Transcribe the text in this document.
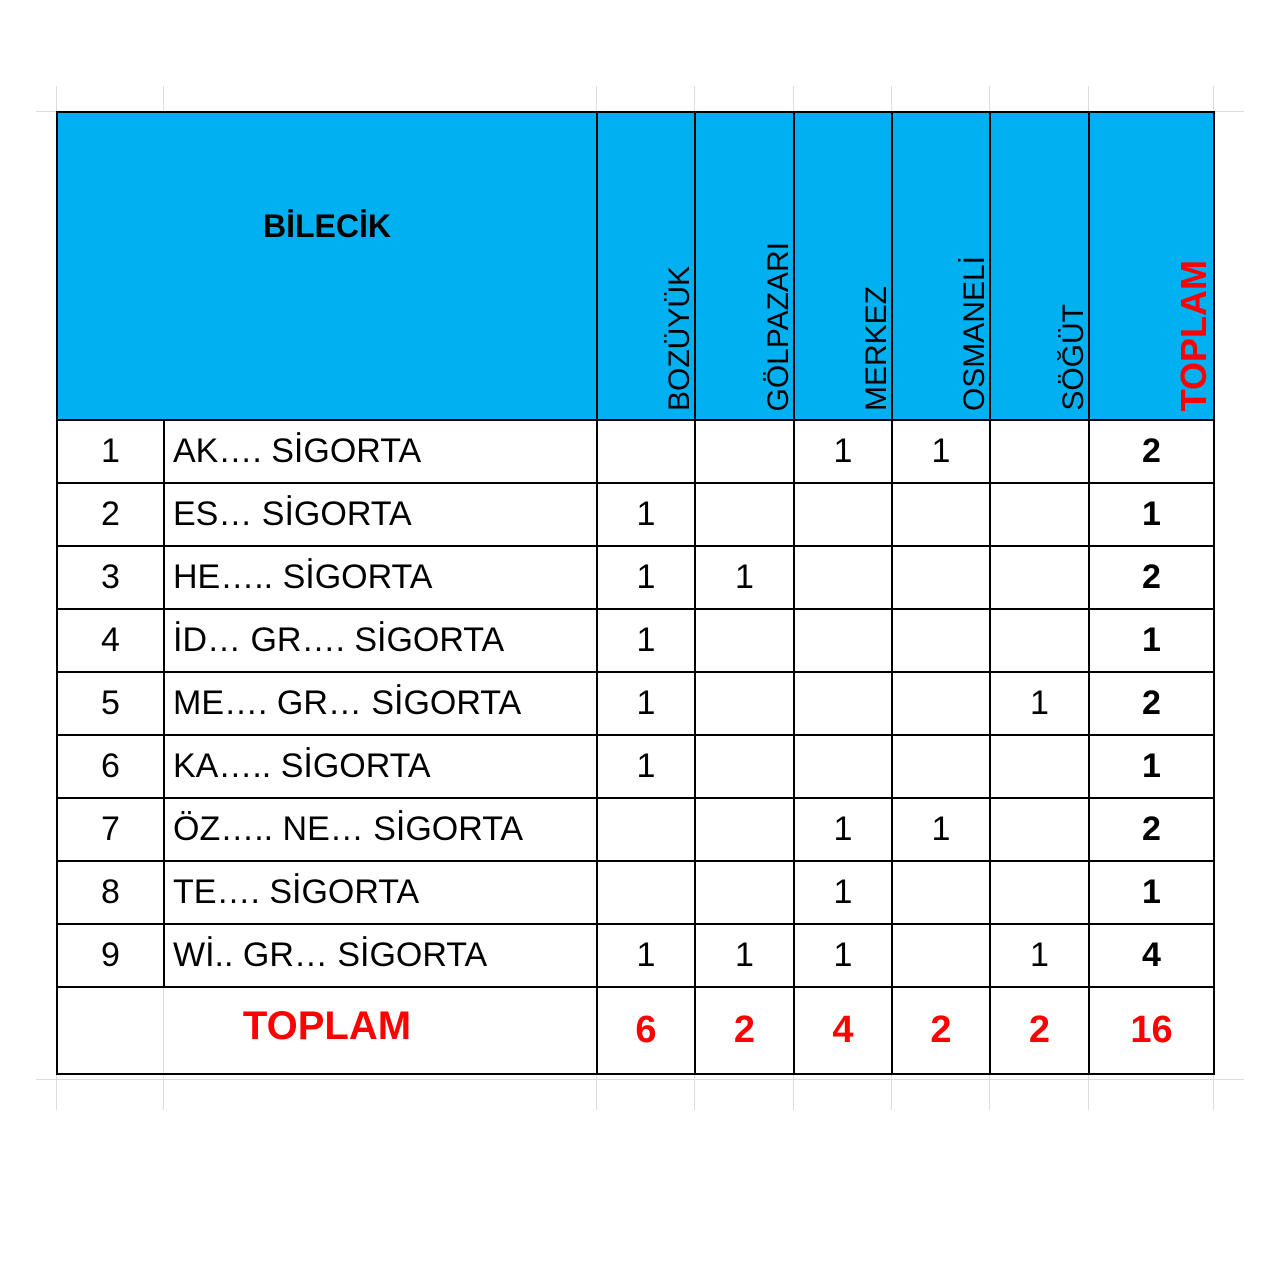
BİLECİK		BOZÜYÜK	GÖLPAZARI	MERKEZ	OSMANELİ	SÖĞÜT	TOPLAM

1	AK…. SİGORTA			1	1		2
2	ES… SİGORTA	1					1
3	HE….. SİGORTA	1	1				2
4	İD… GR…. SİGORTA	1					1
5	ME…. GR… SİGORTA	1				1	2
6	KA….. SİGORTA	1					1
7	ÖZ….. NE… SİGORTA			1	1		2
8	TE…. SİGORTA			1			1
9	Wİ.. GR… SİGORTA	1	1	1		1	4
TOPLAM		6	2	4	2	2	16
